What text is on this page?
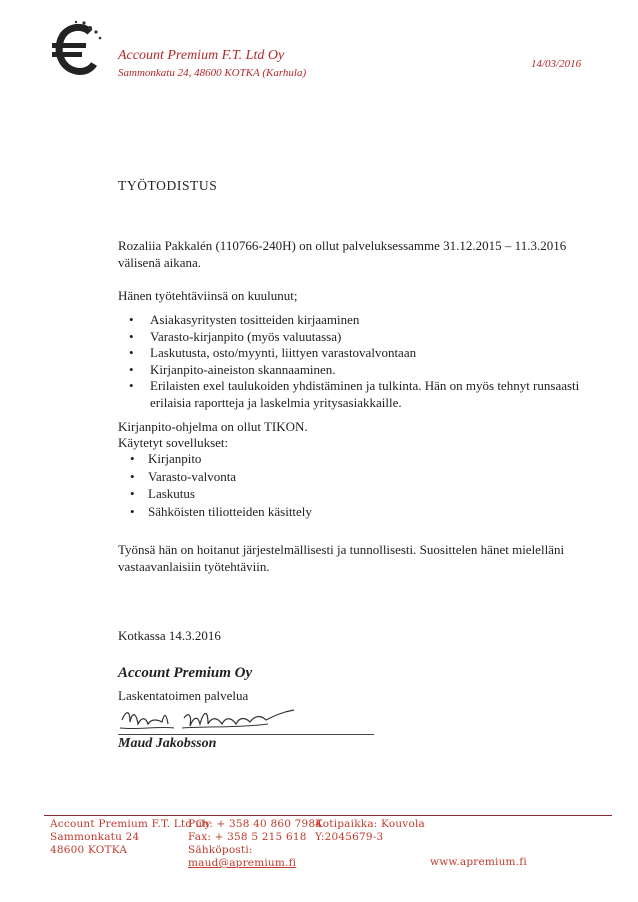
Account Premium F.T. Ltd Oy
Sammonkatu 24, 48600 KOTKA (Karhula)
14/03/2016
TYÖTODISTUS
Rozaliia Pakkalén (110766-240H) on ollut palveluksessamme 31.12.2015 – 11.3.2016 välisenä aikana.
Hänen työtehtäviinsä on kuulunut;
• Asiakasyritysten tositteiden kirjaaminen
• Varasto-kirjanpito (myös valuutassa)
• Laskutusta, osto/myynti, liittyen varastovalvontaan
• Kirjanpito-aineiston skannaaminen.
• Erilaisten exel taulukoiden yhdistäminen ja tulkinta. Hän on myös tehnyt runsaasti erilaisia raportteja ja laskelmia yritysasiakkaille.
Kirjanpito-ohjelma on ollut TIKON.
Käytetyt sovellukset:
• Kirjanpito
• Varasto-valvonta
• Laskutus
• Sähköisten tiliotteiden käsittely
Työnsä hän on hoitanut järjestelmällisesti ja tunnollisesti. Suosittelen hänet mielelläni vastaavanlaisiin työtehtäviin.
Kotkassa 14.3.2016
Account Premium Oy
Laskentatoimen palvelua
Maud Jakobsson
Account Premium F.T. Ltd Oy
Sammonkatu 24
48600 KOTKA
Puh: + 358 40 860 7984
Fax: + 358 5 215 618
Sähköposti:
maud@apremium.fi
Kotipaikka: Kouvola
Y:2045679-3
www.apremium.fi
